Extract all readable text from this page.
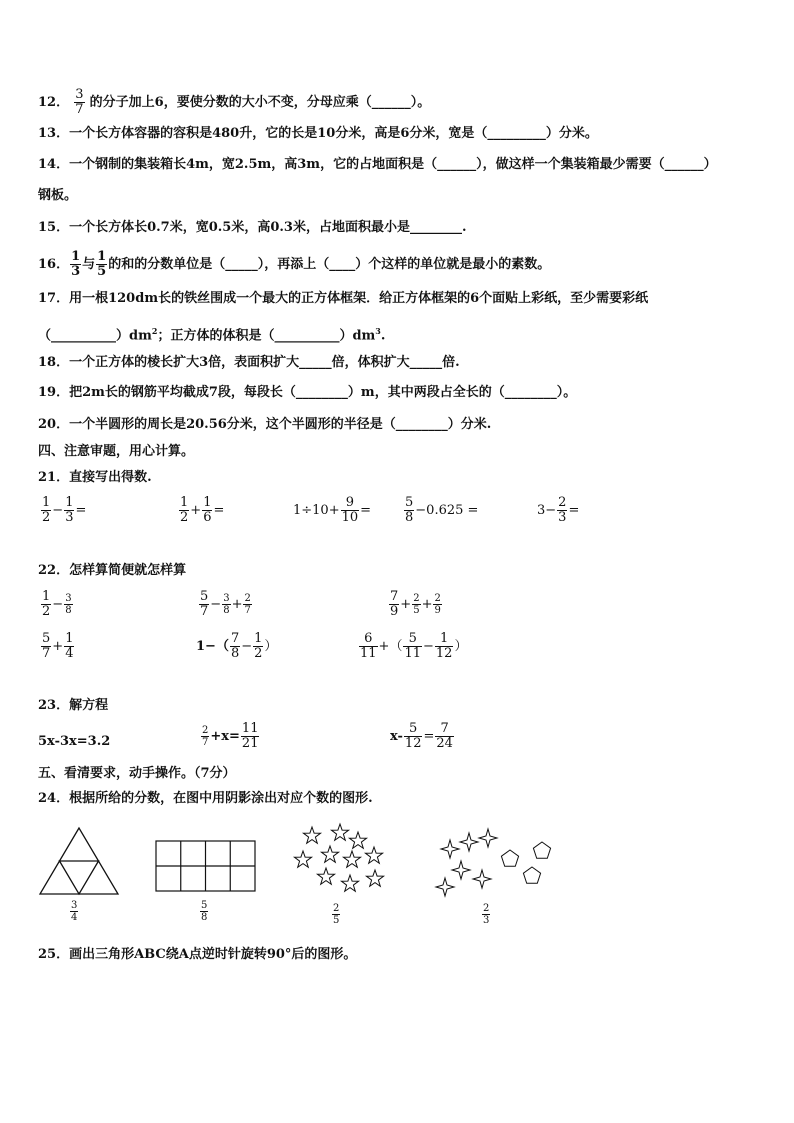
12． $\frac{3}{7}$ 的分子加上6，要使分数的大小不变，分母应乘（______）。
13．一个长方体容器的容积是480升，它的长是10分米，高是6分米，宽是（_________）分米。
14．一个钢制的集装箱长4m，宽2.5m，高3m，它的占地面积是（______），做这样一个集装箱最少需要（______）
钢板。
15．一个长方体长0.7米，宽0.5米，高0.3米，占地面积最小是________.
16． $\frac{1}{3}$ 与 $\frac{1}{5}$ 的和的分数单位是（_____），再添上（____）个这样的单位就是最小的素数。
17．用一根120dm长的铁丝围成一个最大的正方体框架．给正方体框架的6个面贴上彩纸，至少需要彩纸
$(\_\_\_\_\_\_\_\_\_\_)dm^2$；正方体的体积是$(\_\_\_\_\_\_\_\_\_\_)dm^3$.
18．一个正方体的棱长扩大3倍，表面积扩大_____倍，体积扩大_____倍.
19．把2m长的钢筋平均截成7段，每段长（________）m，其中两段占全长的（________）。
20．一个半圆形的周长是20.56分米，这个半圆形的半径是（________）分米.
四、注意审题，用心计算。
21．直接写出得数.
$\frac{1}{2} - \frac{1}{3}$ =	$\frac{1}{2} + \frac{1}{6}$ =	$1\div 10+ \frac{9}{10}$ =	$\frac{5}{8} -0.625$ =	$3- \frac{2}{3}$ =
22．怎样算简便就怎样算
$\frac{1}{2} - \frac{3}{8}$	$\frac{5}{7} - \frac{3}{8} + \frac{2}{7}$	$\frac{7}{9} + \frac{2}{5} + \frac{2}{9}$
$\frac{5}{7} + \frac{1}{4}$	$1-( \frac{7}{8} - \frac{1}{2}$ ）	$\frac{6}{11}$ +（ $\frac{5}{11} - \frac{1}{12}$ ）
23．解方程
5x-3x=3.2	$\frac{2}{7} +x= \frac{11}{21}$	$x- \frac{5}{12} = \frac{7}{24}$
五、看清要求，动手操作。（7分）
24．根据所给的分数，在图中用阴影涂出对应个数的图形.
$\frac{3}{4}$	$\frac{5}{8}$	$\frac{2}{5}$	$\frac{2}{3}$
25．画出三角形ABC绕A点逆时针旋转90°后的图形。
